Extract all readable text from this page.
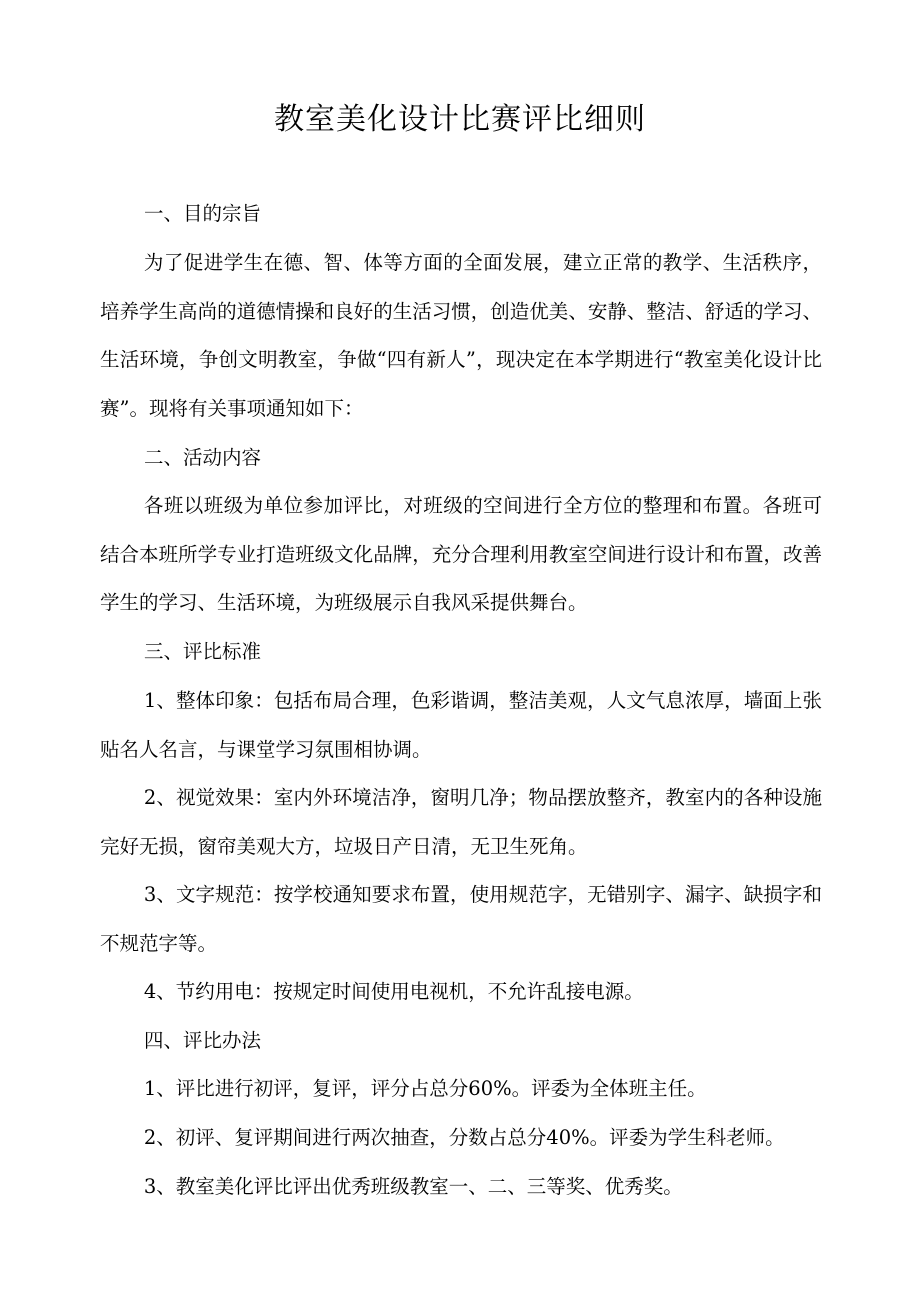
教室美化设计比赛评比细则
一、目的宗旨

为了促进学生在德、智、体等方面的全面发展，建立正常的教学、生活秩序，培养学生高尚的道德情操和良好的生活习惯，创造优美、安静、整洁、舒适的学习、生活环境，争创文明教室，争做“四有新人”，现决定在本学期进行“教室美化设计比赛”。现将有关事项通知如下：

二、活动内容

各班以班级为单位参加评比，对班级的空间进行全方位的整理和布置。各班可结合本班所学专业打造班级文化品牌，充分合理利用教室空间进行设计和布置，改善学生的学习、生活环境，为班级展示自我风采提供舞台。

三、评比标准

1、整体印象：包括布局合理，色彩谐调，整洁美观，人文气息浓厚，墙面上张贴名人名言，与课堂学习氛围相协调。

2、视觉效果：室内外环境洁净，窗明几净；物品摆放整齐，教室内的各种设施完好无损，窗帘美观大方，垃圾日产日清，无卫生死角。

3、文字规范：按学校通知要求布置，使用规范字，无错别字、漏字、缺损字和不规范字等。

4、节约用电：按规定时间使用电视机，不允许乱接电源。

四、评比办法

1、评比进行初评，复评，评分占总分60%。评委为全体班主任。

2、初评、复评期间进行两次抽查，分数占总分40%。评委为学生科老师。

3、教室美化评比评出优秀班级教室一、二、三等奖、优秀奖。
